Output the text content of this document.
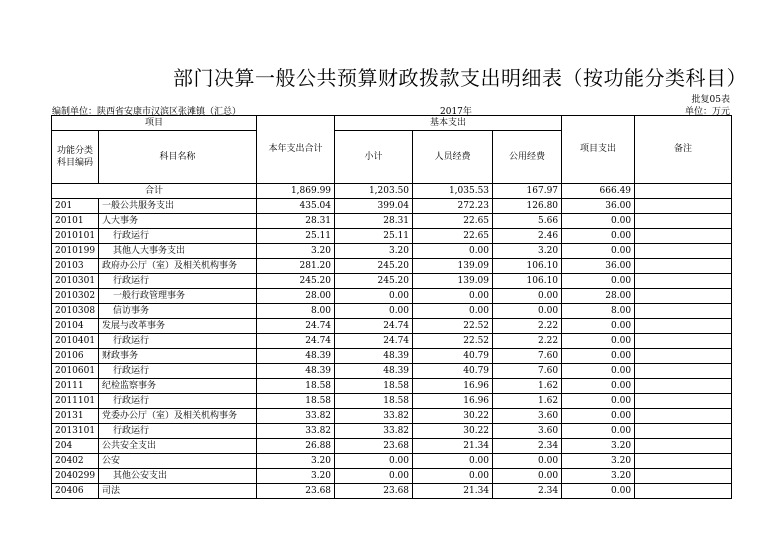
部门决算一般公共预算财政拨款支出明细表（按功能分类科目）
批复05表
编制单位：陕西省安康市汉滨区张滩镇（汇总）	2017年	单位：万元
项目		本年支出合计	基本支出			项目支出	备注
功能分类科目编码	科目名称		小计	人员经费	公用经费		

合计		1,869.99	1,203.50	1,035.53	167.97	666.49	
201	一般公共服务支出	435.04	399.04	272.23	126.80	36.00	
20101	人大事务	28.31	28.31	22.65	5.66	0.00	
2010101	行政运行	25.11	25.11	22.65	2.46	0.00	
2010199	其他人大事务支出	3.20	3.20	0.00	3.20	0.00	
20103	政府办公厅（室）及相关机构事务	281.20	245.20	139.09	106.10	36.00	
2010301	行政运行	245.20	245.20	139.09	106.10	0.00	
2010302	一般行政管理事务	28.00	0.00	0.00	0.00	28.00	
2010308	信访事务	8.00	0.00	0.00	0.00	8.00	
20104	发展与改革事务	24.74	24.74	22.52	2.22	0.00	
2010401	行政运行	24.74	24.74	22.52	2.22	0.00	
20106	财政事务	48.39	48.39	40.79	7.60	0.00	
2010601	行政运行	48.39	48.39	40.79	7.60	0.00	
20111	纪检监察事务	18.58	18.58	16.96	1.62	0.00	
2011101	行政运行	18.58	18.58	16.96	1.62	0.00	
20131	党委办公厅（室）及相关机构事务	33.82	33.82	30.22	3.60	0.00	
2013101	行政运行	33.82	33.82	30.22	3.60	0.00	
204	公共安全支出	26.88	23.68	21.34	2.34	3.20	
20402	公安	3.20	0.00	0.00	0.00	3.20	
2040299	其他公安支出	3.20	0.00	0.00	0.00	3.20	
20406	司法	23.68	23.68	21.34	2.34	0.00	
